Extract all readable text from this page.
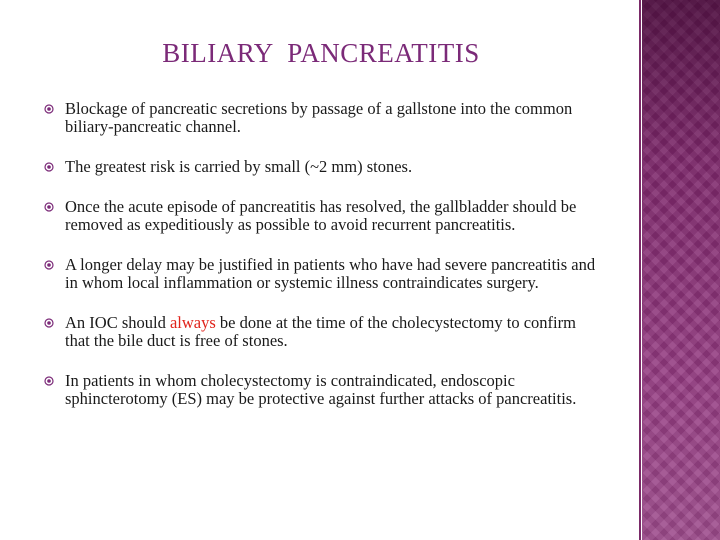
BILIARY  PANCREATITIS
Blockage of pancreatic secretions by passage of a gallstone into the common biliary-pancreatic channel.
The greatest risk is carried by small (~2 mm) stones.
Once the acute episode of pancreatitis has resolved, the gallbladder should be removed as expeditiously as possible to avoid recurrent pancreatitis.
A longer delay may be justified in patients who have had severe pancreatitis and in whom local inflammation or systemic illness contraindicates surgery.
An IOC should always be done at the time of the cholecystectomy to confirm that the bile duct is free of stones.
In patients in whom cholecystectomy is contraindicated, endoscopic sphincterotomy (ES) may be protective against further attacks of pancreatitis.
